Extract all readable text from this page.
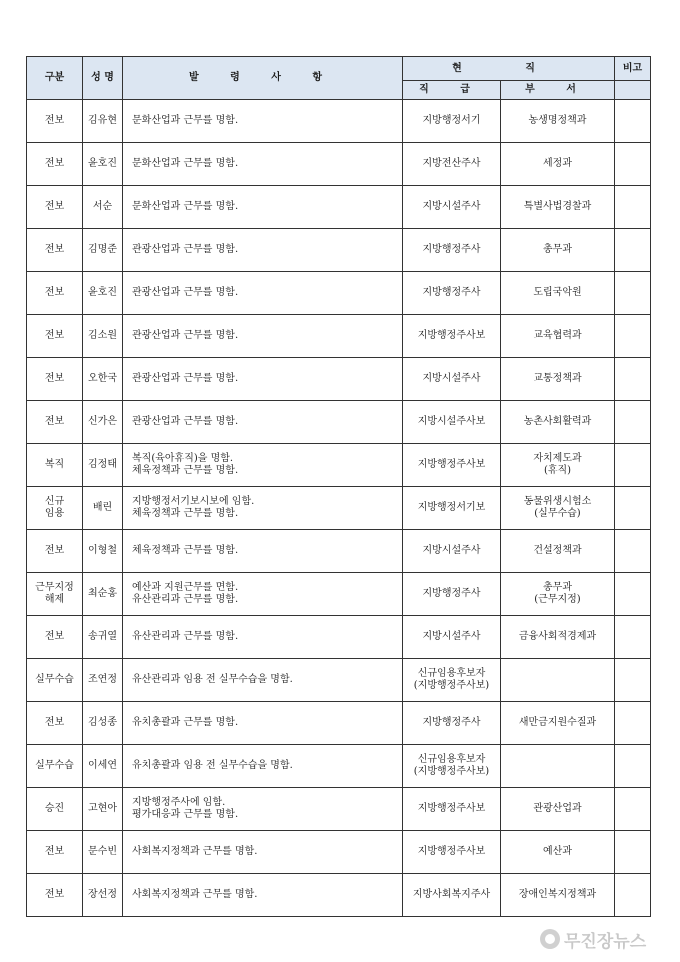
구분	성 명	발 령 사 항	현 직		비고
			직 급	부 서	

전보	김유현	문화산업과 근무를 명함.	지방행정서기	농생명정책과	

전보	윤호진	문화산업과 근무를 명함.	지방전산주사	세정과	

전보	서순	문화산업과 근무를 명함.	지방시설주사	특별사법경찰과	

전보	김명준	관광산업과 근무를 명함.	지방행정주사	총무과	

전보	윤호진	관광산업과 근무를 명함.	지방행정주사	도립국악원	

전보	김소원	관광산업과 근무를 명함.	지방행정주사보	교육협력과	

전보	오한국	관광산업과 근무를 명함.	지방시설주사	교통정책과	

전보	신가은	관광산업과 근무를 명함.	지방시설주사보	농촌사회활력과	

복직	김정태	복직(육아휴직)을 명함.
체육정책과 근무를 명함.	지방행정주사보	자치제도과
(휴직)	

신규
임용	배린	지방행정서기보시보에 임함.
체육정책과 근무를 명함.	지방행정서기보	동물위생시험소
(실무수습)	

전보	이형철	체육정책과 근무를 명함.	지방시설주사	건설정책과	

근무지정
해제	최순홍	예산과 지원근무를 면함.
유산관리과 근무를 명함.	지방행정주사	총무과
(근무지정)	

전보	송귀열	유산관리과 근무를 명함.	지방시설주사	금융사회적경제과	

실무수습	조연정	유산관리과 임용 전 실무수습을 명함.	신규임용후보자
(지방행정주사보)		

전보	김성종	유치총괄과 근무를 명함.	지방행정주사	새만금지원수질과	

실무수습	이세연	유치총괄과 임용 전 실무수습을 명함.	신규임용후보자
(지방행정주사보)		

승진	고현아	지방행정주사에 임함.
평가대응과 근무를 명함.	지방행정주사보	관광산업과	

전보	문수빈	사회복지정책과 근무를 명함.	지방행정주사보	예산과	

전보	장선정	사회복지정책과 근무를 명함.	지방사회복지주사	장애인복지정책과	

무진장뉴스
